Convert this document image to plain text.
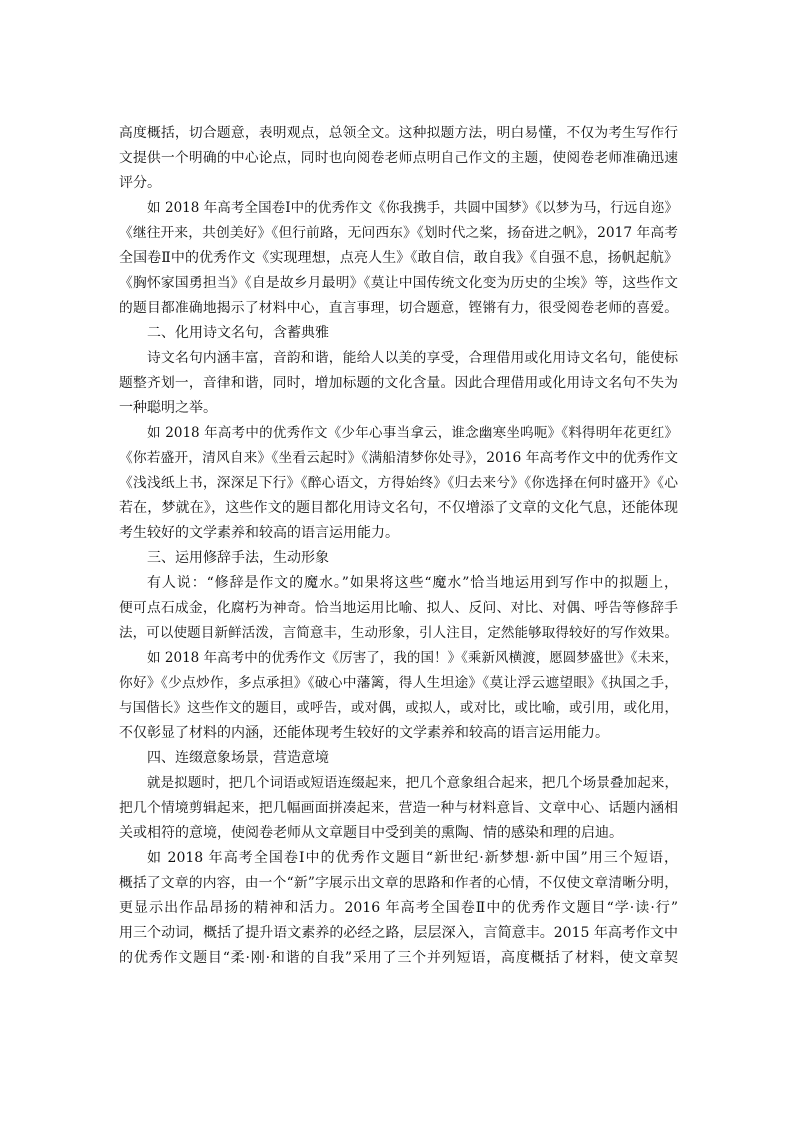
高度概括，切合题意，表明观点，总领全文。这种拟题方法，明白易懂，不仅为考生写作行
文提供一个明确的中心论点，同时也向阅卷老师点明自己作文的主题，使阅卷老师准确迅速
评分。
如 2018 年高考全国卷Ⅰ中的优秀作文《你我携手，共圆中国梦》《以梦为马，行远自迩》
《继往开来，共创美好》《但行前路，无问西东》《划时代之桨，扬奋进之帆》，2017 年高考
全国卷Ⅱ中的优秀作文《实现理想，点亮人生》《敢自信，敢自我》《自强不息，扬帆起航》
《胸怀家国勇担当》《自是故乡月最明》《莫让中国传统文化变为历史的尘埃》等，这些作文
的题目都准确地揭示了材料中心，直言事理，切合题意，铿锵有力，很受阅卷老师的喜爱。
二、化用诗文名句，含蓄典雅
诗文名句内涵丰富，音韵和谐，能给人以美的享受，合理借用或化用诗文名句，能使标
题整齐划一，音律和谐，同时，增加标题的文化含量。因此合理借用或化用诗文名句不失为
一种聪明之举。
如 2018 年高考中的优秀作文《少年心事当拿云，谁念幽寒坐呜呃》《料得明年花更红》
《你若盛开，清风自来》《坐看云起时》《满船清梦你处寻》，2016 年高考作文中的优秀作文
《浅浅纸上书，深深足下行》《醉心语文，方得始终》《归去来兮》《你选择在何时盛开》《心
若在，梦就在》，这些作文的题目都化用诗文名句，不仅增添了文章的文化气息，还能体现
考生较好的文学素养和较高的语言运用能力。
三、运用修辞手法，生动形象
有人说：“修辞是作文的魔水。”如果将这些“魔水”恰当地运用到写作中的拟题上，
便可点石成金，化腐朽为神奇。恰当地运用比喻、拟人、反问、对比、对偶、呼告等修辞手
法，可以使题目新鲜活泼，言简意丰，生动形象，引人注目，定然能够取得较好的写作效果。
如 2018 年高考中的优秀作文《厉害了，我的国！》《乘新风横渡，愿圆梦盛世》《未来，
你好》《少点炒作，多点承担》《破心中藩篱，得人生坦途》《莫让浮云遮望眼》《执国之手，
与国偕长》这些作文的题目，或呼告，或对偶，或拟人，或对比，或比喻，或引用，或化用，
不仅彰显了材料的内涵，还能体现考生较好的文学素养和较高的语言运用能力。
四、连缀意象场景，营造意境
就是拟题时，把几个词语或短语连缀起来，把几个意象组合起来，把几个场景叠加起来，
把几个情境剪辑起来，把几幅画面拼凑起来，营造一种与材料意旨、文章中心、话题内涵相
关或相符的意境，使阅卷老师从文章题目中受到美的熏陶、情的感染和理的启迪。
如 2018 年高考全国卷Ⅰ中的优秀作文题目“新世纪·新梦想·新中国”用三个短语，
概括了文章的内容，由一个“新”字展示出文章的思路和作者的心情，不仅使文章清晰分明，
更显示出作品昂扬的精神和活力。2016 年高考全国卷Ⅱ中的优秀作文题目“学·读·行”
用三个动词，概括了提升语文素养的必经之路，层层深入，言简意丰。2015 年高考作文中
的优秀作文题目“柔·刚·和谐的自我”采用了三个并列短语，高度概括了材料，使文章契
